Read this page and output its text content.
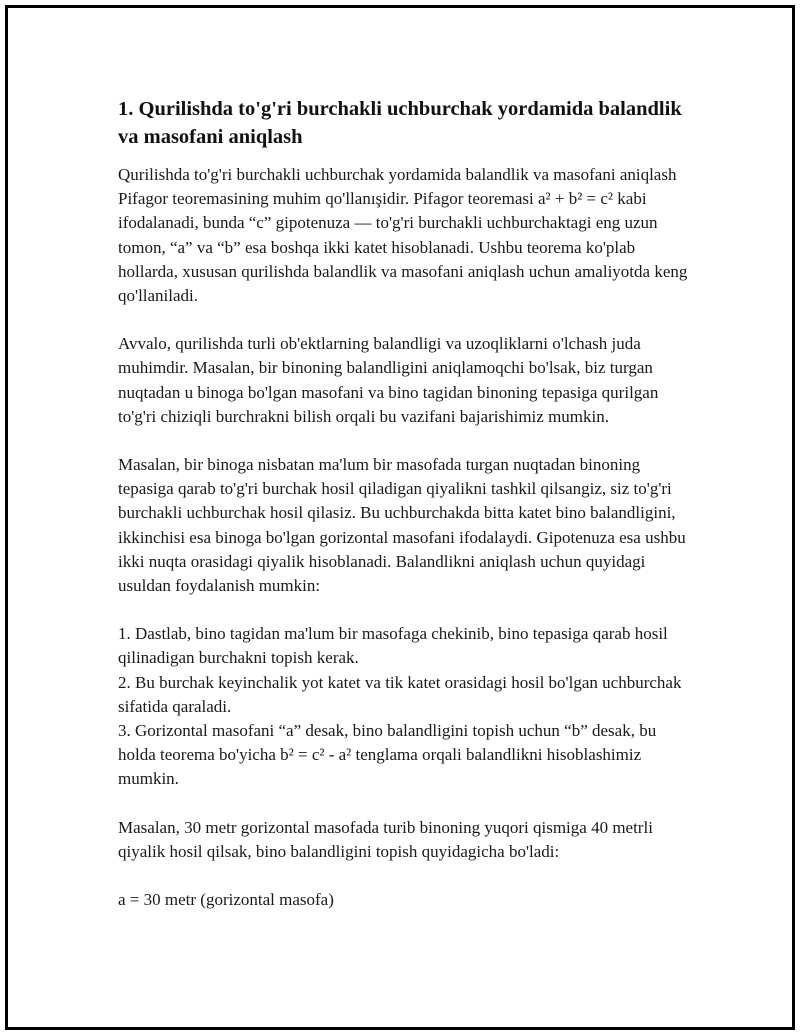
1. Qurilishda to'g'ri burchakli uchburchak yordamida balandlik va masofani aniqlash

Qurilishda to'g'ri burchakli uchburchak yordamida balandlik va masofani aniqlash Pifagor teoremasining muhim qo'llanışidir. Pifagor teoremasi a² + b² = c² kabi ifodalanadi, bunda “c” gipotenuza — to'g'ri burchakli uchburchaktagi eng uzun tomon, “a” va “b” esa boshqa ikki katet hisoblanadi. Ushbu teorema ko'plab hollarda, xususan qurilishda balandlik va masofani aniqlash uchun amaliyotda keng qo'llaniladi.

Avvalo, qurilishda turli ob'ektlarning balandligi va uzoqliklarni o'lchash juda muhimdir. Masalan, bir binoning balandligini aniqlamoqchi bo'lsak, biz turgan nuqtadan u binoga bo'lgan masofani va bino tagidan binoning tepasiga qurilgan to'g'ri chiziqli burchrakni bilish orqali bu vazifani bajarishimiz mumkin.

Masalan, bir binoga nisbatan ma'lum bir masofada turgan nuqtadan binoning tepasiga qarab to'g'ri burchak hosil qiladigan qiyalikni tashkil qilsangiz, siz to'g'ri burchakli uchburchak hosil qilasiz. Bu uchburchakda bitta katet bino balandligini, ikkinchisi esa binoga bo'lgan gorizontal masofani ifodalaydi. Gipotenuza esa ushbu ikki nuqta orasidagi qiyalik hisoblanadi. Balandlikni aniqlash uchun quyidagi usuldan foydalanish mumkin:

1. Dastlab, bino tagidan ma'lum bir masofaga chekinib, bino tepasiga qarab hosil qilinadigan burchakni topish kerak.
2. Bu burchak keyinchalik yot katet va tik katet orasidagi hosil bo'lgan uchburchak sifatida qaraladi.
3. Gorizontal masofani “a” desak, bino balandligini topish uchun “b” desak, bu holda teorema bo'yicha b² = c² - a² tenglama orqali balandlikni hisoblashimiz mumkin.

Masalan, 30 metr gorizontal masofada turib binoning yuqori qismiga 40 metrli qiyalik hosil qilsak, bino balandligini topish quyidagicha bo'ladi:

a = 30 metr (gorizontal masofa)
